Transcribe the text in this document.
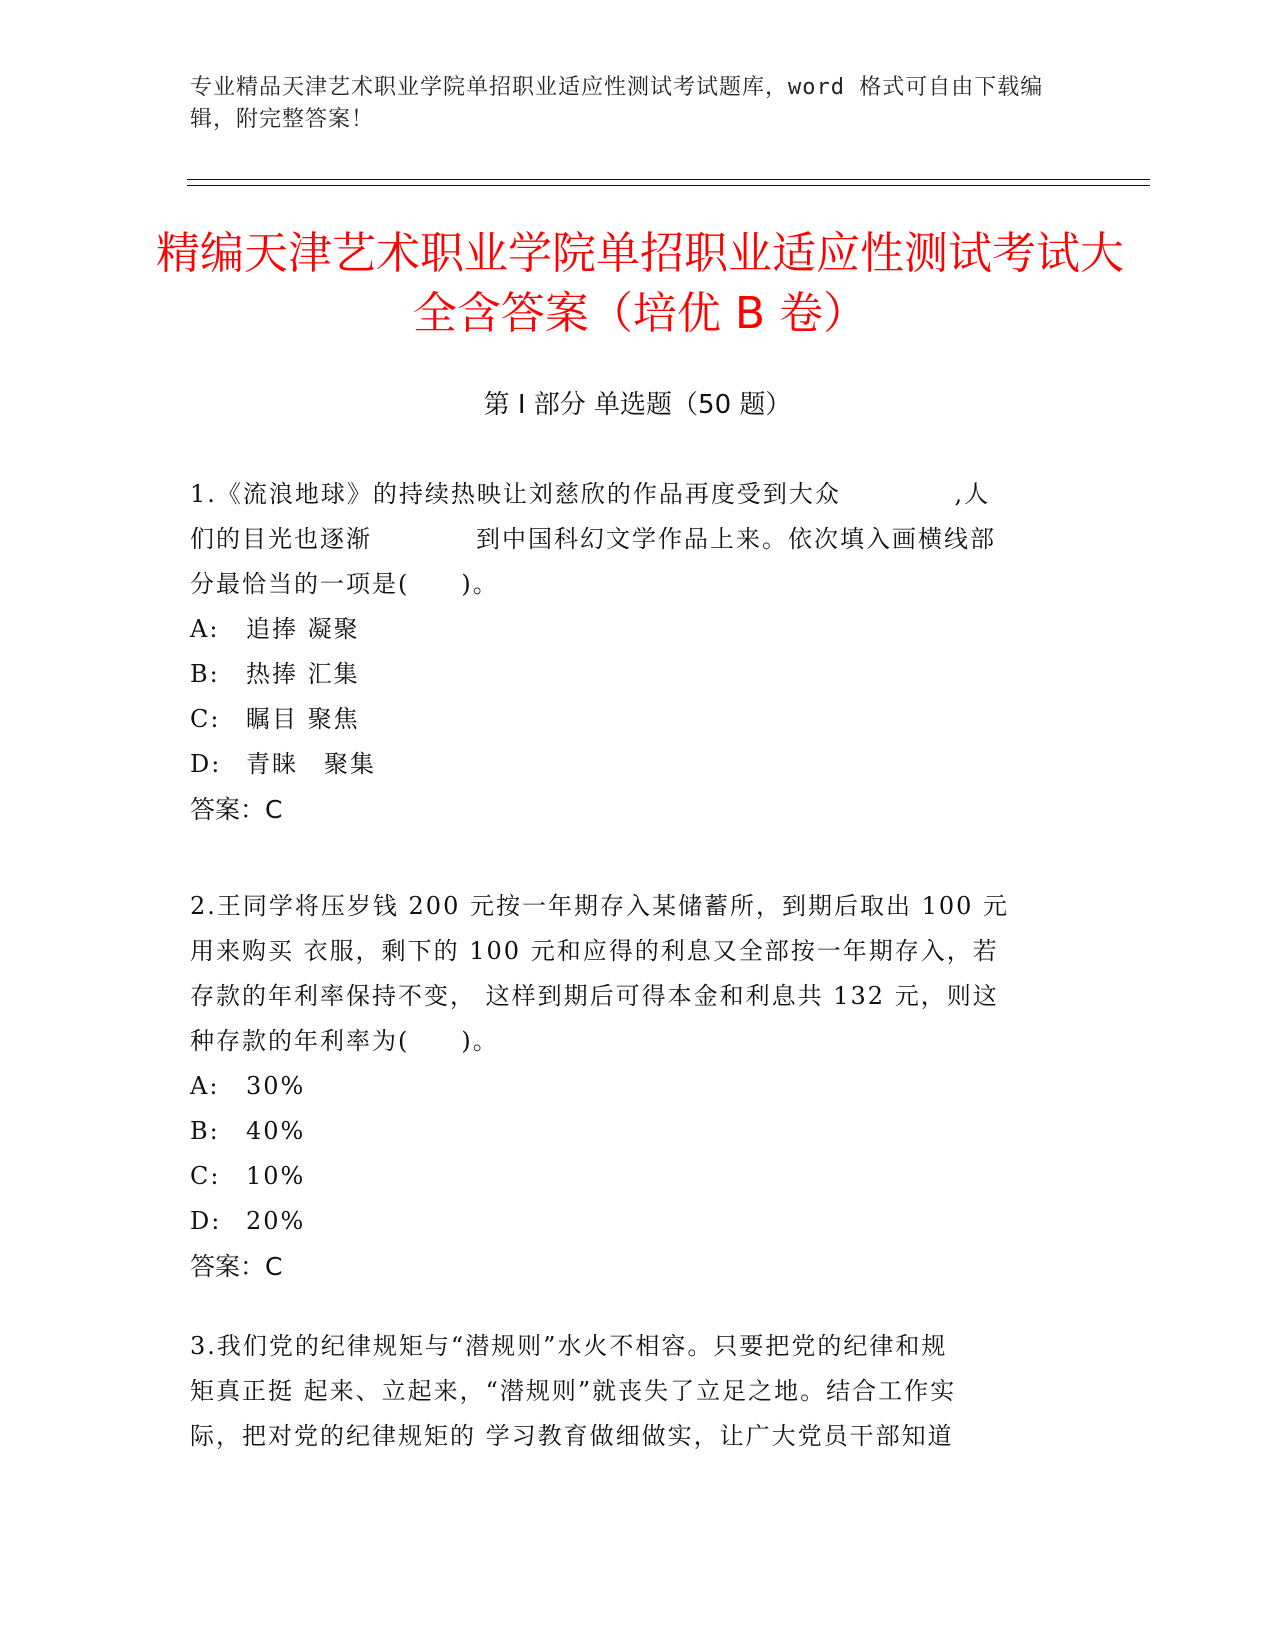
专业精品天津艺术职业学院单招职业适应性测试考试题库，word 格式可自由下载编辑，附完整答案！
精编天津艺术职业学院单招职业适应性测试考试大全含答案（培优 B 卷）
第 I 部分 单选题（50 题）
1.《流浪地球》的持续热映让刘慈欣的作品再度受到大众　　　　 ,人
们的目光也逐渐　　　　到中国科幻文学作品上来。依次填入画横线部
分最恰当的一项是(　　)。
A:	追捧 凝聚
B:	热捧 汇集
C:	瞩目 聚焦
D:	青睐　聚集
答案：C
2.王同学将压岁钱 200 元按一年期存入某储蓄所，到期后取出 100 元
用来购买 衣服，剩下的 100 元和应得的利息又全部按一年期存入，若
存款的年利率保持不变， 这样到期后可得本金和利息共 132 元，则这
种存款的年利率为(　　)。
A:	30%
B:	40%
C:	10%
D:	20%
答案：C
3.我们党的纪律规矩与“潜规则”水火不相容。只要把党的纪律和规
矩真正挺 起来、立起来，“潜规则”就丧失了立足之地。结合工作实
际，把对党的纪律规矩的 学习教育做细做实，让广大党员干部知道
